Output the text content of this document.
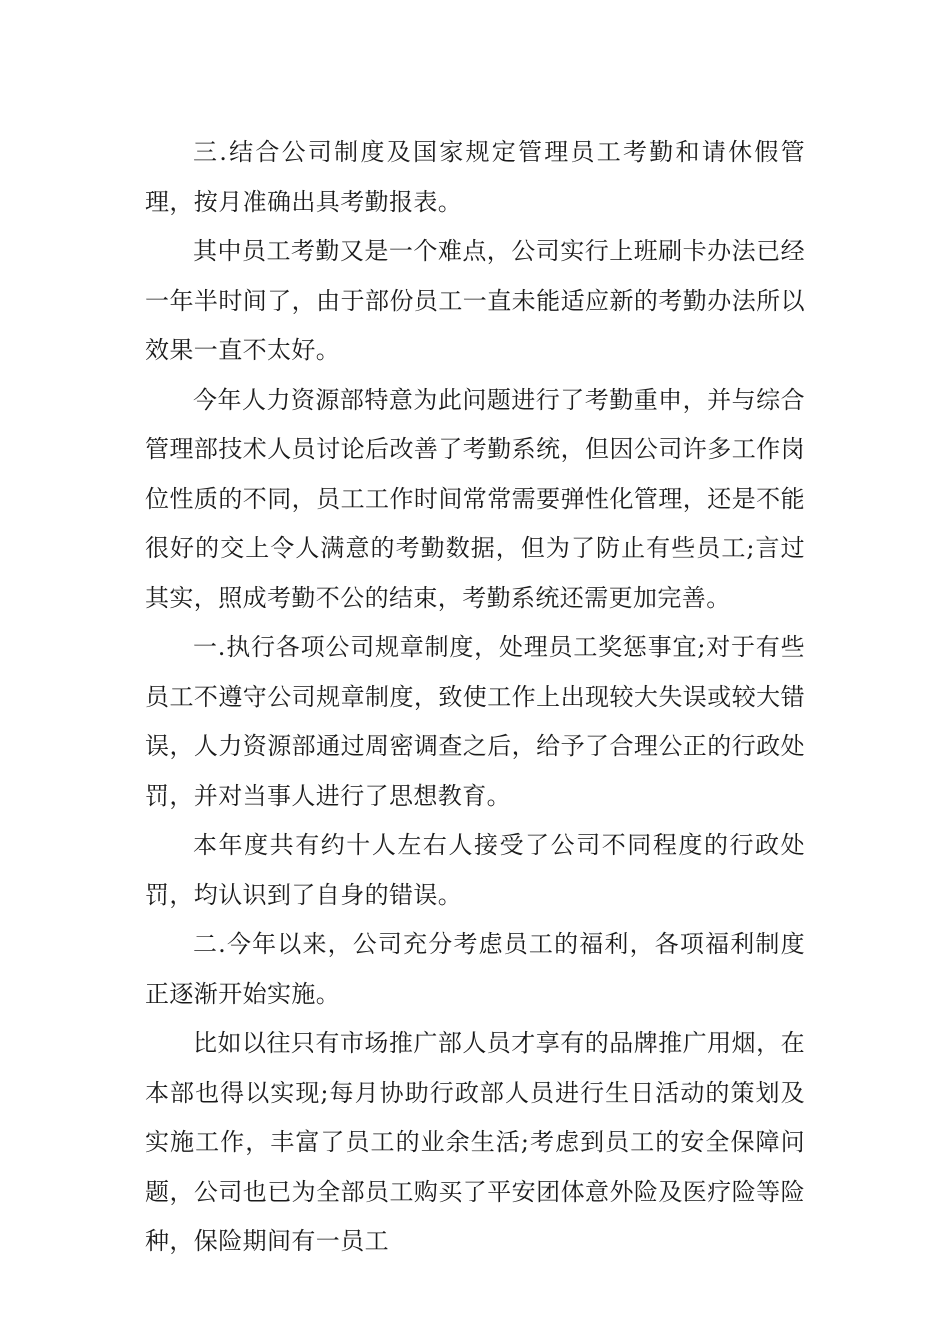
三.结合公司制度及国家规定管理员工考勤和请休假管理，按月准确出具考勤报表。

其中员工考勤又是一个难点，公司实行上班刷卡办法已经一年半时间了，由于部份员工一直未能适应新的考勤办法所以效果一直不太好。

今年人力资源部特意为此问题进行了考勤重申，并与综合管理部技术人员讨论后改善了考勤系统，但因公司许多工作岗位性质的不同，员工工作时间常常需要弹性化管理，还是不能很好的交上令人满意的考勤数据，但为了防止有些员工;言过其实，照成考勤不公的结束，考勤系统还需更加完善。

一.执行各项公司规章制度，处理员工奖惩事宜;对于有些员工不遵守公司规章制度，致使工作上出现较大失误或较大错误，人力资源部通过周密调查之后，给予了合理公正的行政处罚，并对当事人进行了思想教育。

本年度共有约十人左右人接受了公司不同程度的行政处罚，均认识到了自身的错误。

二.今年以来，公司充分考虑员工的福利，各项福利制度正逐渐开始实施。

比如以往只有市场推广部人员才享有的品牌推广用烟，在本部也得以实现;每月协助行政部人员进行生日活动的策划及实施工作，丰富了员工的业余生活;考虑到员工的安全保障问题，公司也已为全部员工购买了平安团体意外险及医疗险等险种，保险期间有一员工
